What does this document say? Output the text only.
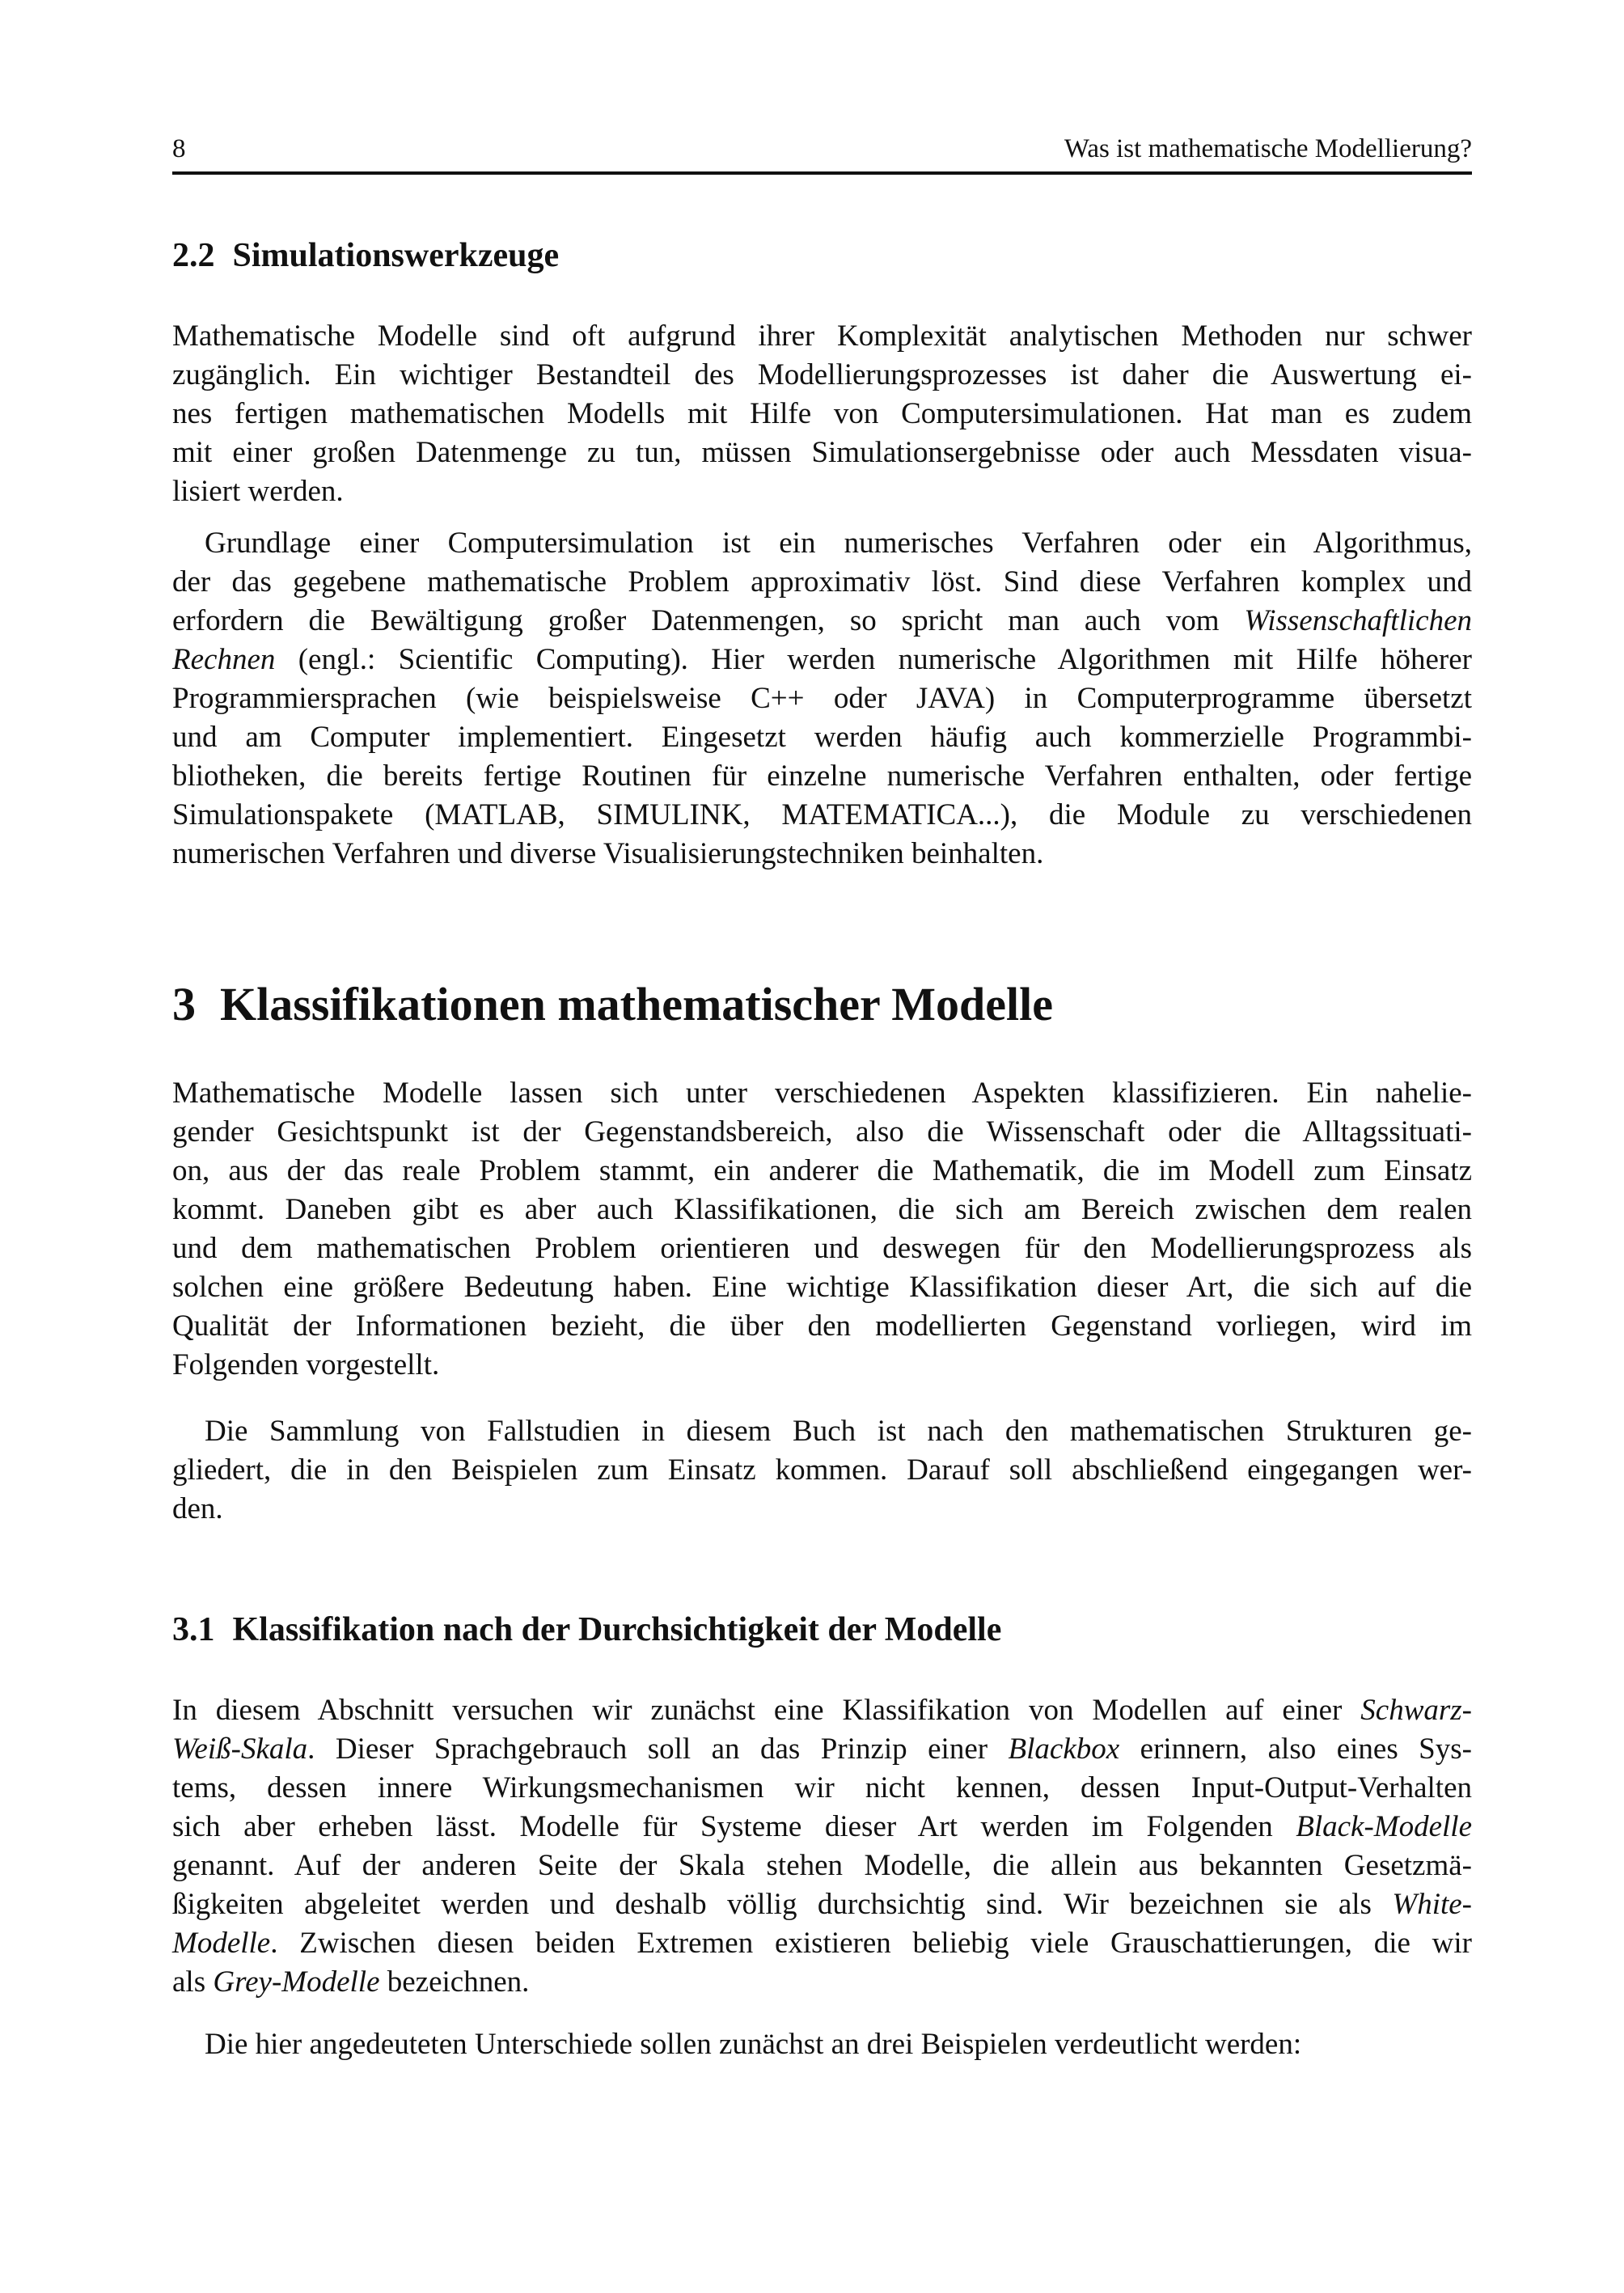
8	Was ist mathematische Modellierung?
2.2 Simulationswerkzeuge
Mathematische Modelle sind oft aufgrund ihrer Komplexität analytischen Methoden nur schwer
zugänglich. Ein wichtiger Bestandteil des Modellierungsprozesses ist daher die Auswertung ei-
nes fertigen mathematischen Modells mit Hilfe von Computersimulationen. Hat man es zudem
mit einer großen Datenmenge zu tun, müssen Simulationsergebnisse oder auch Messdaten visua-
lisiert werden.
Grundlage einer Computersimulation ist ein numerisches Verfahren oder ein Algorithmus,
der das gegebene mathematische Problem approximativ löst. Sind diese Verfahren komplex und
erfordern die Bewältigung großer Datenmengen, so spricht man auch vom Wissenschaftlichen
Rechnen (engl.: Scientific Computing). Hier werden numerische Algorithmen mit Hilfe höherer
Programmiersprachen (wie beispielsweise C++ oder JAVA) in Computerprogramme übersetzt
und am Computer implementiert. Eingesetzt werden häufig auch kommerzielle Programmbi-
bliotheken, die bereits fertige Routinen für einzelne numerische Verfahren enthalten, oder fertige
Simulationspakete (MATLAB, SIMULINK, MATEMATICA...), die Module zu verschiedenen
numerischen Verfahren und diverse Visualisierungstechniken beinhalten.
3 Klassifikationen mathematischer Modelle
Mathematische Modelle lassen sich unter verschiedenen Aspekten klassifizieren. Ein nahelie-
gender Gesichtspunkt ist der Gegenstandsbereich, also die Wissenschaft oder die Alltagssituati-
on, aus der das reale Problem stammt, ein anderer die Mathematik, die im Modell zum Einsatz
kommt. Daneben gibt es aber auch Klassifikationen, die sich am Bereich zwischen dem realen
und dem mathematischen Problem orientieren und deswegen für den Modellierungsprozess als
solchen eine größere Bedeutung haben. Eine wichtige Klassifikation dieser Art, die sich auf die
Qualität der Informationen bezieht, die über den modellierten Gegenstand vorliegen, wird im
Folgenden vorgestellt.
Die Sammlung von Fallstudien in diesem Buch ist nach den mathematischen Strukturen ge-
gliedert, die in den Beispielen zum Einsatz kommen. Darauf soll abschließend eingegangen wer-
den.
3.1 Klassifikation nach der Durchsichtigkeit der Modelle
In diesem Abschnitt versuchen wir zunächst eine Klassifikation von Modellen auf einer Schwarz-
Weiß-Skala. Dieser Sprachgebrauch soll an das Prinzip einer Blackbox erinnern, also eines Sys-
tems, dessen innere Wirkungsmechanismen wir nicht kennen, dessen Input-Output-Verhalten
sich aber erheben lässt. Modelle für Systeme dieser Art werden im Folgenden Black-Modelle
genannt. Auf der anderen Seite der Skala stehen Modelle, die allein aus bekannten Gesetzmä-
ßigkeiten abgeleitet werden und deshalb völlig durchsichtig sind. Wir bezeichnen sie als White-
Modelle. Zwischen diesen beiden Extremen existieren beliebig viele Grauschattierungen, die wir
als Grey-Modelle bezeichnen.
Die hier angedeuteten Unterschiede sollen zunächst an drei Beispielen verdeutlicht werden:
